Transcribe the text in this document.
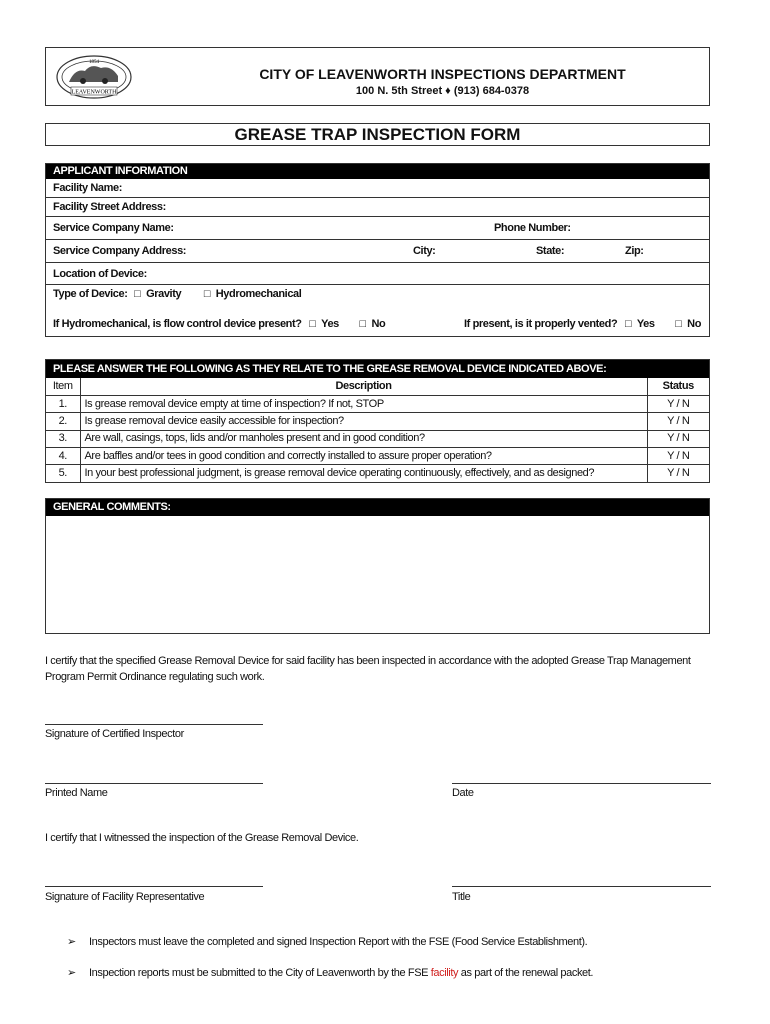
1854
LEAVENWORTH
CITY OF LEAVENWORTH INSPECTIONS DEPARTMENT
100 N. 5th Street ♦ (913) 684-0378
GREASE TRAP INSPECTION FORM
APPLICANT INFORMATION
Facility Name:
Facility Street Address:
Service Company Name:	Phone Number:
Service Company Address:	City:	State:	Zip:
Location of Device:
Type of Device: □ Gravity □ Hydromechanical
If Hydromechanical, is flow control device present? □ Yes □ No	If present, is it properly vented? □ Yes □ No
PLEASE ANSWER THE FOLLOWING AS THEY RELATE TO THE GREASE REMOVAL DEVICE INDICATED ABOVE:
Item	Description	Status
1.	Is grease removal device empty at time of inspection? If not, STOP	Y / N
2.	Is grease removal device easily accessible for inspection?	Y / N
3.	Are wall, casings, tops, lids and/or manholes present and in good condition?	Y / N
4.	Are baffles and/or tees in good condition and correctly installed to assure proper operation?	Y / N
5.	In your best professional judgment, is grease removal device operating continuously, effectively, and as designed?	Y / N
GENERAL COMMENTS:
I certify that the specified Grease Removal Device for said facility has been inspected in accordance with the adopted Grease Trap Management Program Permit Ordinance regulating such work.
Signature of Certified Inspector
Printed Name	Date
I certify that I witnessed the inspection of the Grease Removal Device.
Signature of Facility Representative	Title
➢ Inspectors must leave the completed and signed Inspection Report with the FSE (Food Service Establishment).
➢ Inspection reports must be submitted to the City of Leavenworth by the FSE facility as part of the renewal packet.
